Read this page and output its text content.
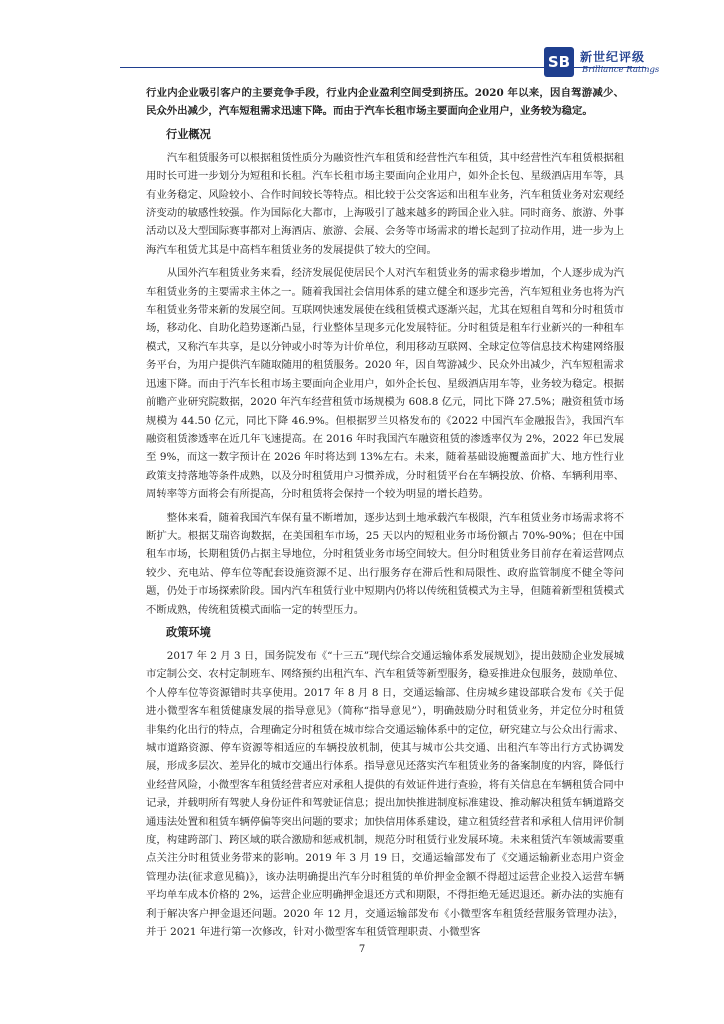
SB 新世纪评级
Brilliance Ratings

行业内企业吸引客户的主要竞争手段，行业内企业盈利空间受到挤压。2020 年以来，因自驾游减少、民众外出减少，汽车短租需求迅速下降。而由于汽车长租市场主要面向企业用户，业务较为稳定。

行业概况

汽车租赁服务可以根据租赁性质分为融资性汽车租赁和经营性汽车租赁，其中经营性汽车租赁根据租用时长可进一步划分为短租和长租。汽车长租市场主要面向企业用户，如外企长包、星级酒店用车等，具有业务稳定、风险较小、合作时间较长等特点。相比较于公交客运和出租车业务，汽车租赁业务对宏观经济变动的敏感性较强。作为国际化大都市，上海吸引了越来越多的跨国企业入驻。同时商务、旅游、外事活动以及大型国际赛事都对上海酒店、旅游、会展、会务等市场需求的增长起到了拉动作用，进一步为上海汽车租赁尤其是中高档车租赁业务的发展提供了较大的空间。

从国外汽车租赁业务来看，经济发展促使居民个人对汽车租赁业务的需求稳步增加，个人逐步成为汽车租赁业务的主要需求主体之一。随着我国社会信用体系的建立健全和逐步完善，汽车短租业务也将为汽车租赁业务带来新的发展空间。互联网快速发展使在线租赁模式逐渐兴起，尤其在短租自驾和分时租赁市场，移动化、自助化趋势逐渐凸显，行业整体呈现多元化发展特征。分时租赁是租车行业新兴的一种租车模式，又称汽车共享，是以分钟或小时等为计价单位，利用移动互联网、全球定位等信息技术构建网络服务平台，为用户提供汽车随取随用的租赁服务。2020 年，因自驾游减少、民众外出减少，汽车短租需求迅速下降。而由于汽车长租市场主要面向企业用户，如外企长包、星级酒店用车等，业务较为稳定。根据前瞻产业研究院数据，2020 年汽车经营租赁市场规模为 608.8 亿元，同比下降 27.5%；融资租赁市场规模为 44.50 亿元，同比下降 46.9%。但根据罗兰贝格发布的《2022 中国汽车金融报告》，我国汽车融资租赁渗透率在近几年飞速提高。在 2016 年时我国汽车融资租赁的渗透率仅为 2%，2022 年已发展至 9%，而这一数字预计在 2026 年时将达到 13%左右。未来，随着基础设施覆盖面扩大、地方性行业政策支持落地等条件成熟，以及分时租赁用户习惯养成，分时租赁平台在车辆投放、价格、车辆利用率、周转率等方面将会有所提高，分时租赁将会保持一个较为明显的增长趋势。

整体来看，随着我国汽车保有量不断增加，逐步达到土地承载汽车极限，汽车租赁业务市场需求将不断扩大。根据艾瑞咨询数据，在美国租车市场，25 天以内的短租业务市场份额占 70%-90%；但在中国租车市场，长期租赁仍占据主导地位，分时租赁业务市场空间较大。但分时租赁业务目前存在着运营网点较少、充电站、停车位等配套设施资源不足、出行服务存在滞后性和局限性、政府监管制度不健全等问题，仍处于市场探索阶段。国内汽车租赁行业中短期内仍将以传统租赁模式为主导，但随着新型租赁模式不断成熟，传统租赁模式面临一定的转型压力。

政策环境

2017 年 2 月 3 日，国务院发布《“十三五”现代综合交通运输体系发展规划》，提出鼓励企业发展城市定制公交、农村定制班车、网络预约出租汽车、汽车租赁等新型服务，稳妥推进众包服务，鼓励单位、个人停车位等资源错时共享使用。2017 年 8 月 8 日，交通运输部、住房城乡建设部联合发布《关于促进小微型客车租赁健康发展的指导意见》（简称“指导意见”），明确鼓励分时租赁业务，并定位分时租赁非集约化出行的特点，合理确定分时租赁在城市综合交通运输体系中的定位，研究建立与公众出行需求、城市道路资源、停车资源等相适应的车辆投放机制，使其与城市公共交通、出租汽车等出行方式协调发展，形成多层次、差异化的城市交通出行体系。指导意见还落实汽车租赁业务的备案制度的内容，降低行业经营风险，小微型客车租赁经营者应对承租人提供的有效证件进行查验，将有关信息在车辆租赁合同中记录，并载明所有驾驶人身份证件和驾驶证信息；提出加快推进制度标准建设、推动解决租赁车辆道路交通违法处置和租赁车辆停偏等突出问题的要求；加快信用体系建设，建立租赁经营者和承租人信用评价制度，构建跨部门、跨区域的联合激励和惩戒机制，规范分时租赁行业发展环境。未来租赁汽车领域需要重点关注分时租赁业务带来的影响。2019 年 3 月 19 日，交通运输部发布了《交通运输新业态用户资金管理办法(征求意见稿)》，该办法明确提出汽车分时租赁的单价押金金额不得超过运营企业投入运营车辆平均单车成本价格的 2%，运营企业应明确押金退还方式和期限，不得拒绝无延迟退还。新办法的实施有利于解决客户押金退还问题。2020 年 12 月，交通运输部发布《小微型客车租赁经营服务管理办法》，并于 2021 年进行第一次修改，针对小微型客车租赁管理职责、小微型客

7
